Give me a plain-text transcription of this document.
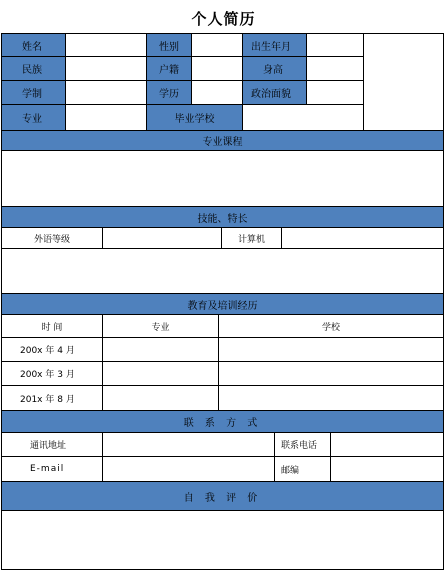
个人简历
姓名	性别	出生年月
民族	户籍	身高
学制	学历	政治面貌
专业	毕业学校
专业课程
技能、特长
外语等级	计算机
教育及培训经历
时 间	专业	学校
200x 年 4 月
200x 年 3 月
201x 年 8 月
联 系 方 式
通讯地址	联系电话
E-mail	邮编
自 我 评 价
